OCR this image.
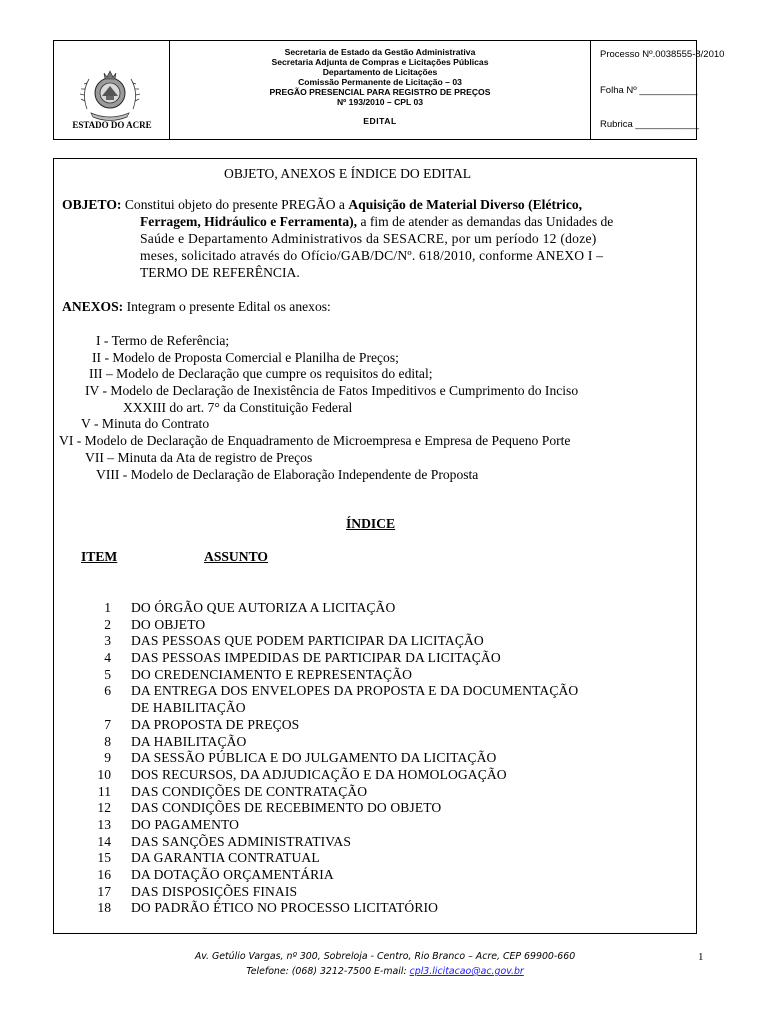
ESTADO DO ACRE
Secretaria de Estado da Gestão Administrativa
Secretaria Adjunta de Compras e Licitações Públicas
Departamento de Licitações
Comissão Permanente de Licitação – 03
PREGÃO PRESENCIAL PARA REGISTRO DE PREÇOS
Nº 193/2010 – CPL 03
EDITAL
Processo Nº.0038555-8/2010
Folha Nº ___________
Rubrica ____________
OBJETO, ANEXOS E ÍNDICE DO EDITAL
OBJETO: Constitui objeto do presente PREGÃO a Aquisição de Material Diverso (Elétrico,
Ferragem, Hidráulico e Ferramenta), a fim de atender as demandas das Unidades de
Saúde e Departamento Administrativos da SESACRE, por um período 12 (doze)
meses, solicitado através do Ofício/GAB/DC/Nº. 618/2010, conforme ANEXO I –
TERMO DE REFERÊNCIA.
ANEXOS: Integram o presente Edital os anexos:
I - Termo de Referência;
II - Modelo de Proposta Comercial e Planilha de Preços;
III – Modelo de Declaração que cumpre os requisitos do edital;
IV - Modelo de Declaração de Inexistência de Fatos Impeditivos e Cumprimento do Inciso
XXXIII do art. 7° da Constituição Federal
V - Minuta do Contrato
VI - Modelo de Declaração de Enquadramento de Microempresa e Empresa de Pequeno Porte
VII – Minuta da Ata de registro de Preços
VIII - Modelo de Declaração de Elaboração Independente de Proposta
ÍNDICE
ITEM	ASSUNTO
1 DO ÓRGÃO QUE AUTORIZA A LICITAÇÃO
2 DO OBJETO
3 DAS PESSOAS QUE PODEM PARTICIPAR DA LICITAÇÃO
4 DAS PESSOAS IMPEDIDAS DE PARTICIPAR DA LICITAÇÃO
5 DO CREDENCIAMENTO E REPRESENTAÇÃO
6 DA ENTREGA DOS ENVELOPES DA PROPOSTA E DA DOCUMENTAÇÃO
DE HABILITAÇÃO
7 DA PROPOSTA DE PREÇOS
8 DA HABILITAÇÃO
9 DA SESSÃO PÚBLICA E DO JULGAMENTO DA LICITAÇÃO
10 DOS RECURSOS, DA ADJUDICAÇÃO E DA HOMOLOGAÇÃO
11 DAS CONDIÇÕES DE CONTRATAÇÃO
12 DAS CONDIÇÕES DE RECEBIMENTO DO OBJETO
13 DO PAGAMENTO
14 DAS SANÇÕES ADMINISTRATIVAS
15 DA GARANTIA CONTRATUAL
16 DA DOTAÇÃO ORÇAMENTÁRIA
17 DAS DISPOSIÇÕES FINAIS
18 DO PADRÃO ÉTICO NO PROCESSO LICITATÓRIO
Av. Getúlio Vargas, nº 300, Sobreloja - Centro, Rio Branco – Acre, CEP 69900-660
Telefone: (068) 3212-7500 E-mail: cpl3.licitacao@ac.gov.br
1
